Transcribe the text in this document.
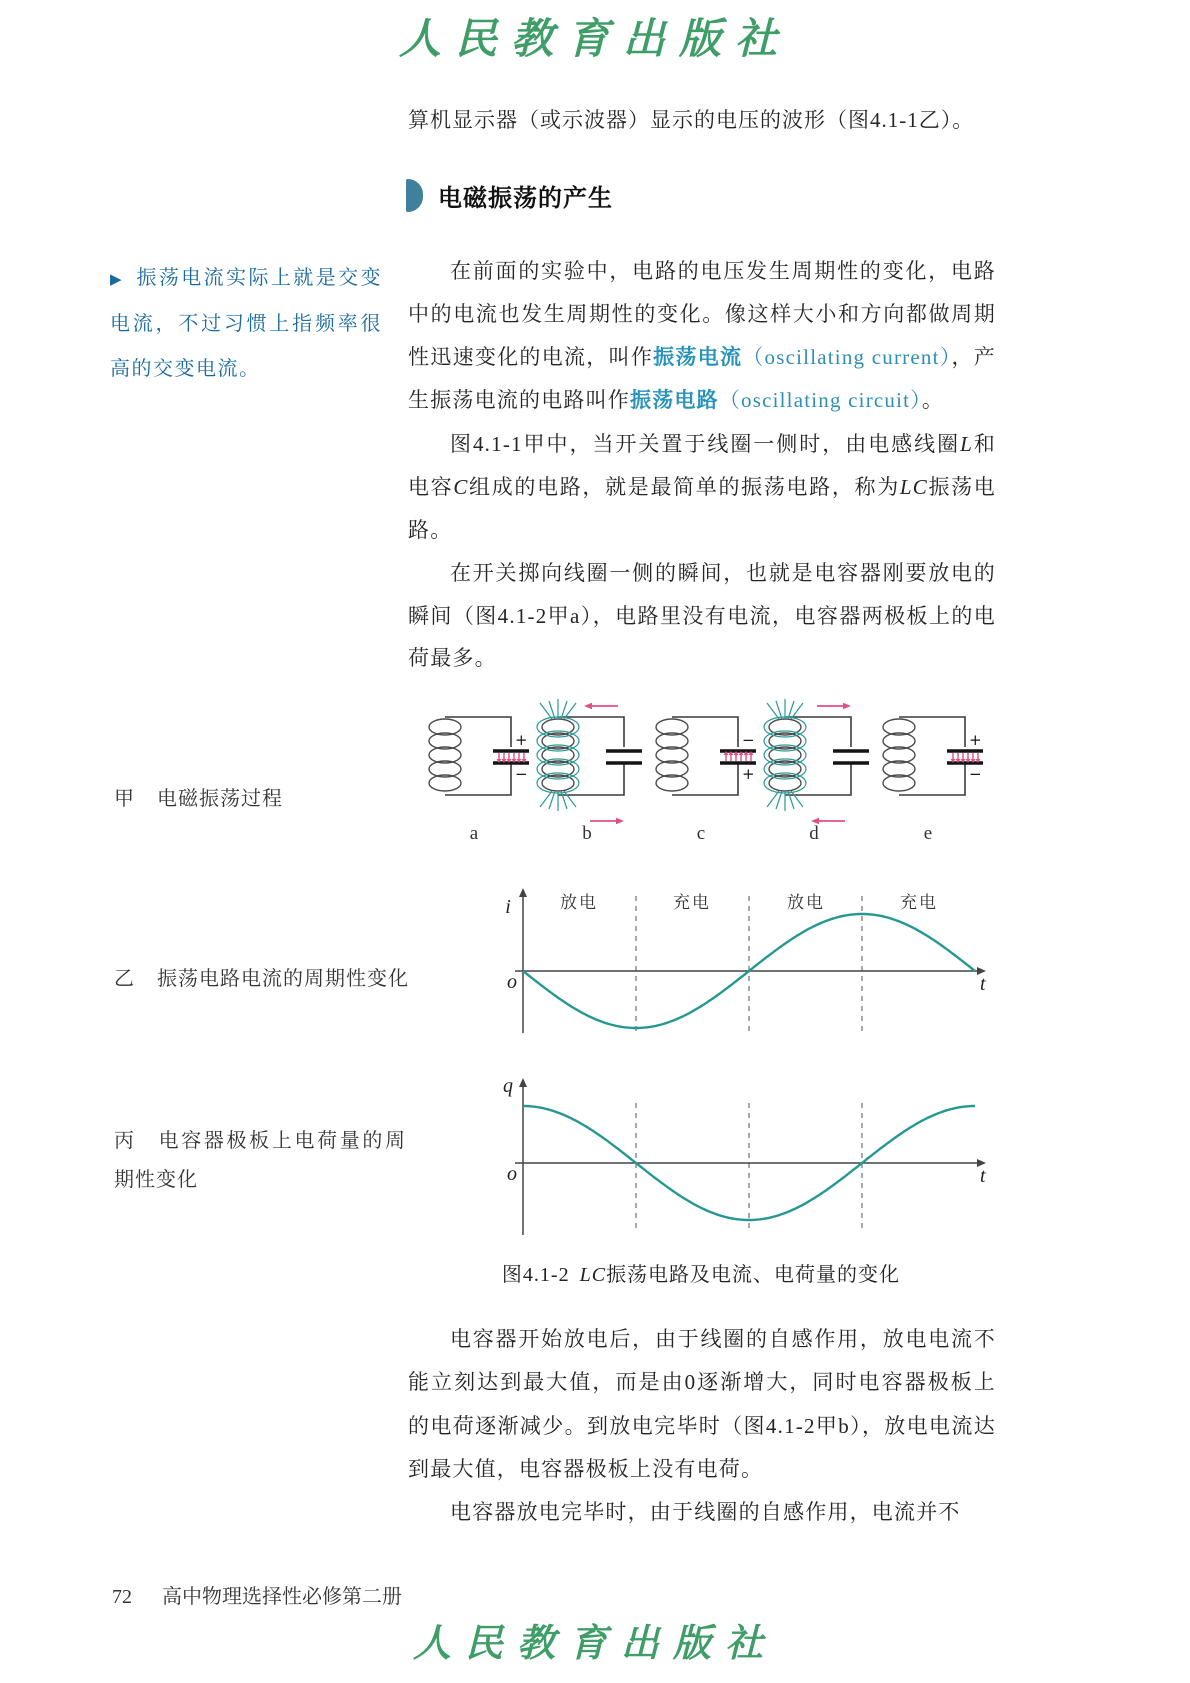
人民教育出版社
算机显示器（或示波器）显示的电压的波形（图4.1-1乙）。
电磁振荡的产生
▶ 振荡电流实际上就是交变电流，不过习惯上指频率很高的交变电流。

在前面的实验中，电路的电压发生周期性的变化，电路中的电流也发生周期性的变化。像这样大小和方向都做周期性迅速变化的电流，叫作振荡电流（oscillating current），产生振荡电流的电路叫作振荡电路（oscillating circuit）。

图4.1-1甲中，当开关置于线圈一侧时，由电感线圈L和电容C组成的电路，就是最简单的振荡电路，称为LC振荡电路。

在开关掷向线圈一侧的瞬间，也就是电容器刚要放电的瞬间（图4.1-2甲a），电路里没有电流，电容器两极板上的电荷最多。

甲 电磁振荡过程
+
−
a	b
−
+
c	d
+
−
e
乙 振荡电路电流的周期性变化
i
o	t
放电	充电	放电	充电
丙 电容器极板上电荷量的周期性变化
q
o	t
图4.1-2 LC振荡电路及电流、电荷量的变化

电容器开始放电后，由于线圈的自感作用，放电电流不能立刻达到最大值，而是由0逐渐增大，同时电容器极板上的电荷逐渐减少。到放电完毕时（图4.1-2甲b），放电电流达到最大值，电容器极板上没有电荷。

电容器放电完毕时，由于线圈的自感作用，电流并不

72 高中物理选择性必修第二册
人民教育出版社
